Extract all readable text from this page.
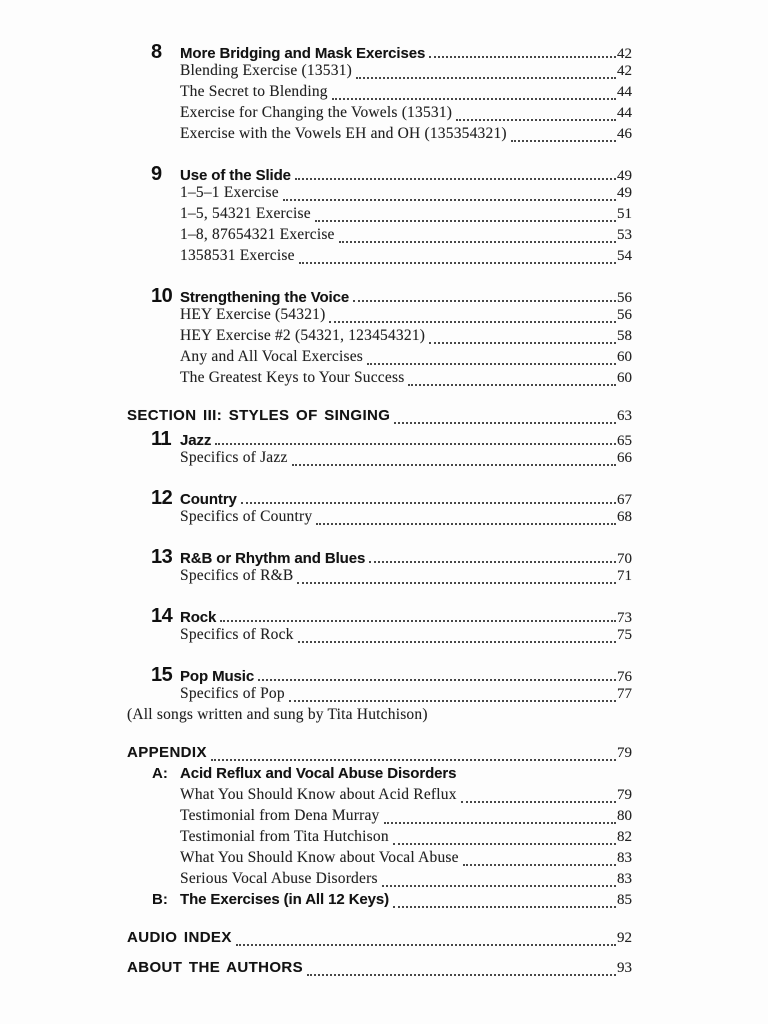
8	More Bridging and Mask Exercises	42
Blending Exercise (13531)	42
The Secret to Blending	44
Exercise for Changing the Vowels (13531)	44
Exercise with the Vowels EH and OH (135354321)	46
9	Use of the Slide	49
1–5–1 Exercise	49
1–5, 54321 Exercise	51
1–8, 87654321 Exercise	53
1358531 Exercise	54
10 Strengthening the Voice	56
HEY Exercise (54321)	56
HEY Exercise #2 (54321, 123454321)	58
Any and All Vocal Exercises	60
The Greatest Keys to Your Success	60
SECTION III: STYLES OF SINGING	63
11 Jazz	65
Specifics of Jazz	66
12 Country	67
Specifics of Country	68
13 R&B or Rhythm and Blues	70
Specifics of R&B	71
14 Rock	73
Specifics of Rock	75
15 Pop Music	76
Specifics of Pop	77
(All songs written and sung by Tita Hutchison)
APPENDIX	79
A: Acid Reflux and Vocal Abuse Disorders
What You Should Know about Acid Reflux	79
Testimonial from Dena Murray	80
Testimonial from Tita Hutchison	82
What You Should Know about Vocal Abuse	83
Serious Vocal Abuse Disorders	83
B: The Exercises (in All 12 Keys)	85
AUDIO INDEX	92
ABOUT THE AUTHORS	93
